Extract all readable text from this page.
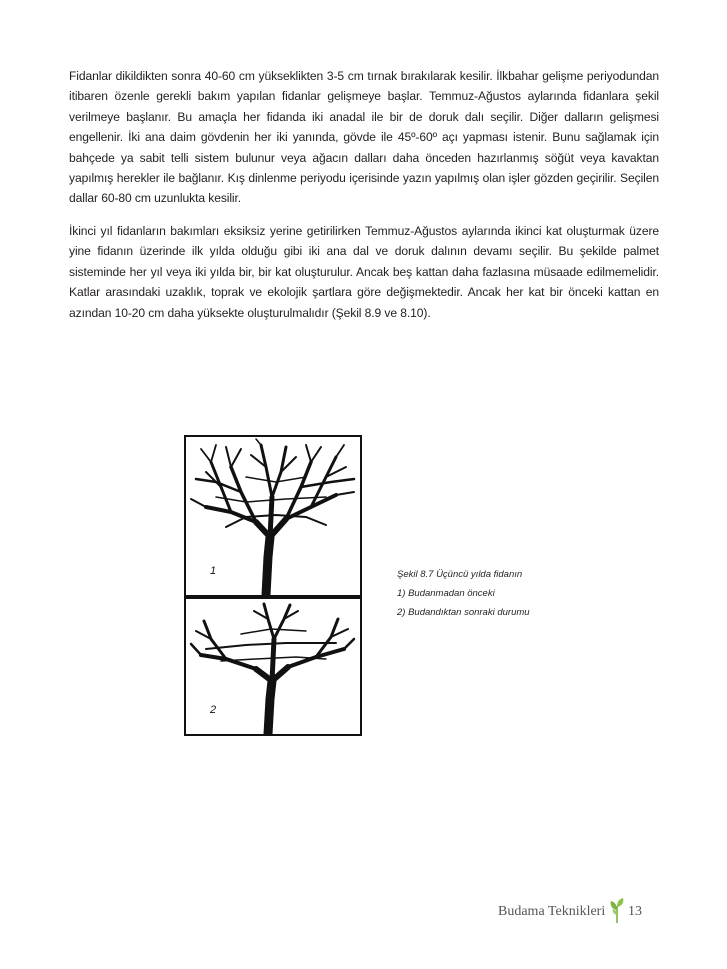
Fidanlar dikildikten sonra 40-60 cm yükseklikten 3-5 cm tırnak bırakılarak kesilir. İlkbahar gelişme periyodundan itibaren özenle gerekli bakım yapılan fidanlar gelişmeye başlar. Temmuz-Ağustos aylarında fidanlara şekil verilmeye başlanır. Bu amaçla her fidanda iki anadal ile bir de doruk dalı seçilir. Diğer dalların gelişmesi engellenir. İki ana daim gövdenin her iki yanında, gövde ile 45º-60º açı yapması istenir. Bunu sağlamak için bahçede ya sabit telli sistem bulunur veya ağacın dalları daha önceden hazırlanmış söğüt veya kavaktan yapılmış herekler ile bağlanır. Kış dinlenme periyodu içerisinde yazın yapılmış olan işler gözden geçirilir. Seçilen dallar 60-80 cm uzunlukta kesilir.

İkinci yıl fidanların bakımları eksiksiz yerine getirilirken Temmuz-Ağustos aylarında ikinci kat oluşturmak üzere yine fidanın üzerinde ilk yılda olduğu gibi iki ana dal ve doruk dalının devamı seçilir. Bu şekilde palmet sisteminde her yıl veya iki yılda bir, bir kat oluşturulur. Ancak beş kattan daha fazlasına müsaade edilmemelidir. Katlar arasındaki uzaklık, toprak ve ekolojik şartlara göre değişmektedir. Ancak her kat bir önceki kattan en azından 10-20 cm daha yüksekte oluşturulmalıdır (Şekil 8.9 ve 8.10).

1
2
Şekil 8.7 Üçüncü yılda fidanın
1) Budanmadan önceki
2) Budandıktan sonraki durumu
Budama Teknikleri 13
